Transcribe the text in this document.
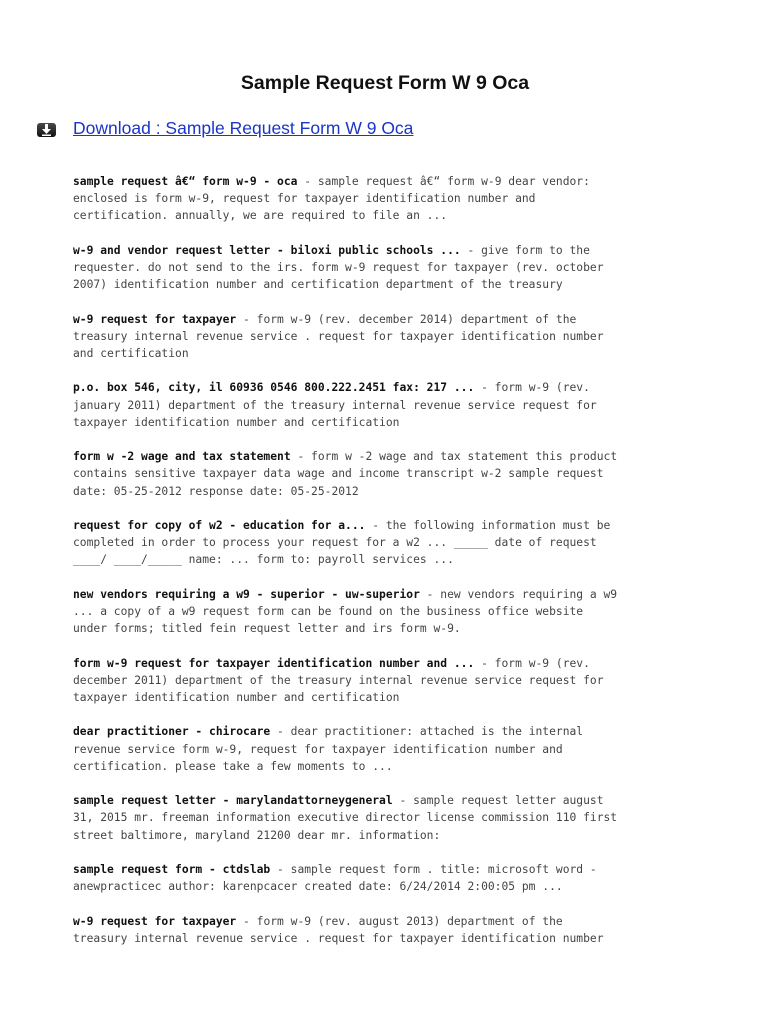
Sample Request Form W 9 Oca
Download : Sample Request Form W 9 Oca

sample request â€“ form w-9 - oca - sample request â€“ form w-9 dear vendor:
enclosed is form w-9, request for taxpayer identification number and
certification. annually, we are required to file an ...

w-9 and vendor request letter - biloxi public schools ... - give form to the
requester. do not send to the irs. form w-9 request for taxpayer (rev. october
2007) identification number and certification department of the treasury

w-9 request for taxpayer - form w-9 (rev. december 2014) department of the
treasury internal revenue service . request for taxpayer identification number
and certification

p.o. box 546, city, il 60936 0546 800.222.2451 fax: 217 ... - form w-9 (rev.
january 2011) department of the treasury internal revenue service request for
taxpayer identification number and certification

form w -2 wage and tax statement - form w -2 wage and tax statement this product
contains sensitive taxpayer data wage and income transcript w-2 sample request
date: 05-25-2012 response date: 05-25-2012

request for copy of w2 - education for a... - the following information must be
completed in order to process your request for a w2 ... _____ date of request
____/ ____/_____ name: ... form to: payroll services ...

new vendors requiring a w9 - superior - uw-superior - new vendors requiring a w9
... a copy of a w9 request form can be found on the business office website
under forms; titled fein request letter and irs form w-9.

form w-9 request for taxpayer identification number and ... - form w-9 (rev.
december 2011) department of the treasury internal revenue service request for
taxpayer identification number and certification

dear practitioner - chirocare - dear practitioner: attached is the internal
revenue service form w-9, request for taxpayer identification number and
certification. please take a few moments to ...

sample request letter - marylandattorneygeneral - sample request letter august
31, 2015 mr. freeman information executive director license commission 110 first
street baltimore, maryland 21200 dear mr. information:

sample request form - ctdslab - sample request form . title: microsoft word -
anewpracticec author: karenpcacer created date: 6/24/2014 2:00:05 pm ...

w-9 request for taxpayer - form w-9 (rev. august 2013) department of the
treasury internal revenue service . request for taxpayer identification number
